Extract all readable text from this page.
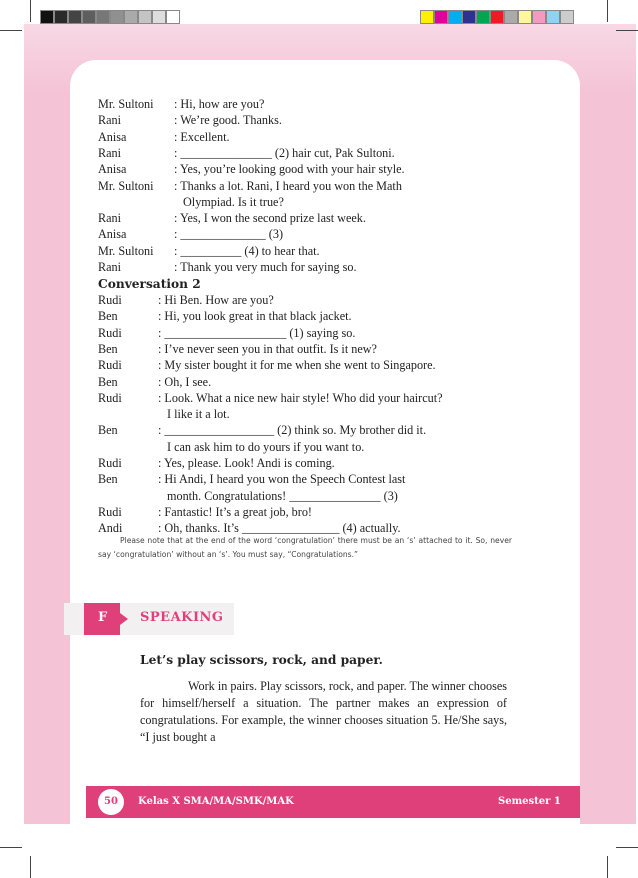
Mr. Sultoni : Hi, how are you?
Rani	: We’re good. Thanks.
Anisa	: Excellent.
Rani	: _______________ (2) hair cut, Pak Sultoni.
Anisa	: Yes, you’re looking good with your hair style.
Mr. Sultoni : Thanks a lot. Rani, I heard you won the Math
Olympiad. Is it true?
Rani	: Yes, I won the second prize last week.
Anisa	: ______________ (3)
Mr. Sultoni : __________ (4) to hear that.
Rani	: Thank you very much for saying so.
Conversation 2
Rudi	: Hi Ben. How are you?
Ben	: Hi, you look great in that black jacket.
Rudi	: ____________________ (1) saying so.
Ben	: I’ve never seen you in that outfit. Is it new?
Rudi	: My sister bought it for me when she went to Singapore.
Ben	: Oh, I see.
Rudi	: Look. What a nice new hair style! Who did your haircut?
I like it a lot.
Ben	: __________________ (2) think so. My brother did it.
I can ask him to do yours if you want to.
Rudi	: Yes, please. Look! Andi is coming.
Ben	: Hi Andi, I heard you won the Speech Contest last
month. Congratulations! _______________ (3)
Rudi	: Fantastic! It’s a great job, bro!
Andi	: Oh, thanks. It’s ________________ (4) actually.
Please note that at the end of the word ‘congratulation’ there must be an ‘s’ attached to it. So, never say ‘congratulation’ without an ‘s’. You must say, “Congratulations.”
F	SPEAKING
Let’s play scissors, rock, and paper.
Work in pairs. Play scissors, rock, and paper. The winner chooses for himself/herself a situation. The partner makes an expression of congratulations. For example, the winner chooses situation 5. He/She says, “I just bought a
50	Kelas X SMA/MA/SMK/MAK	Semester 1
